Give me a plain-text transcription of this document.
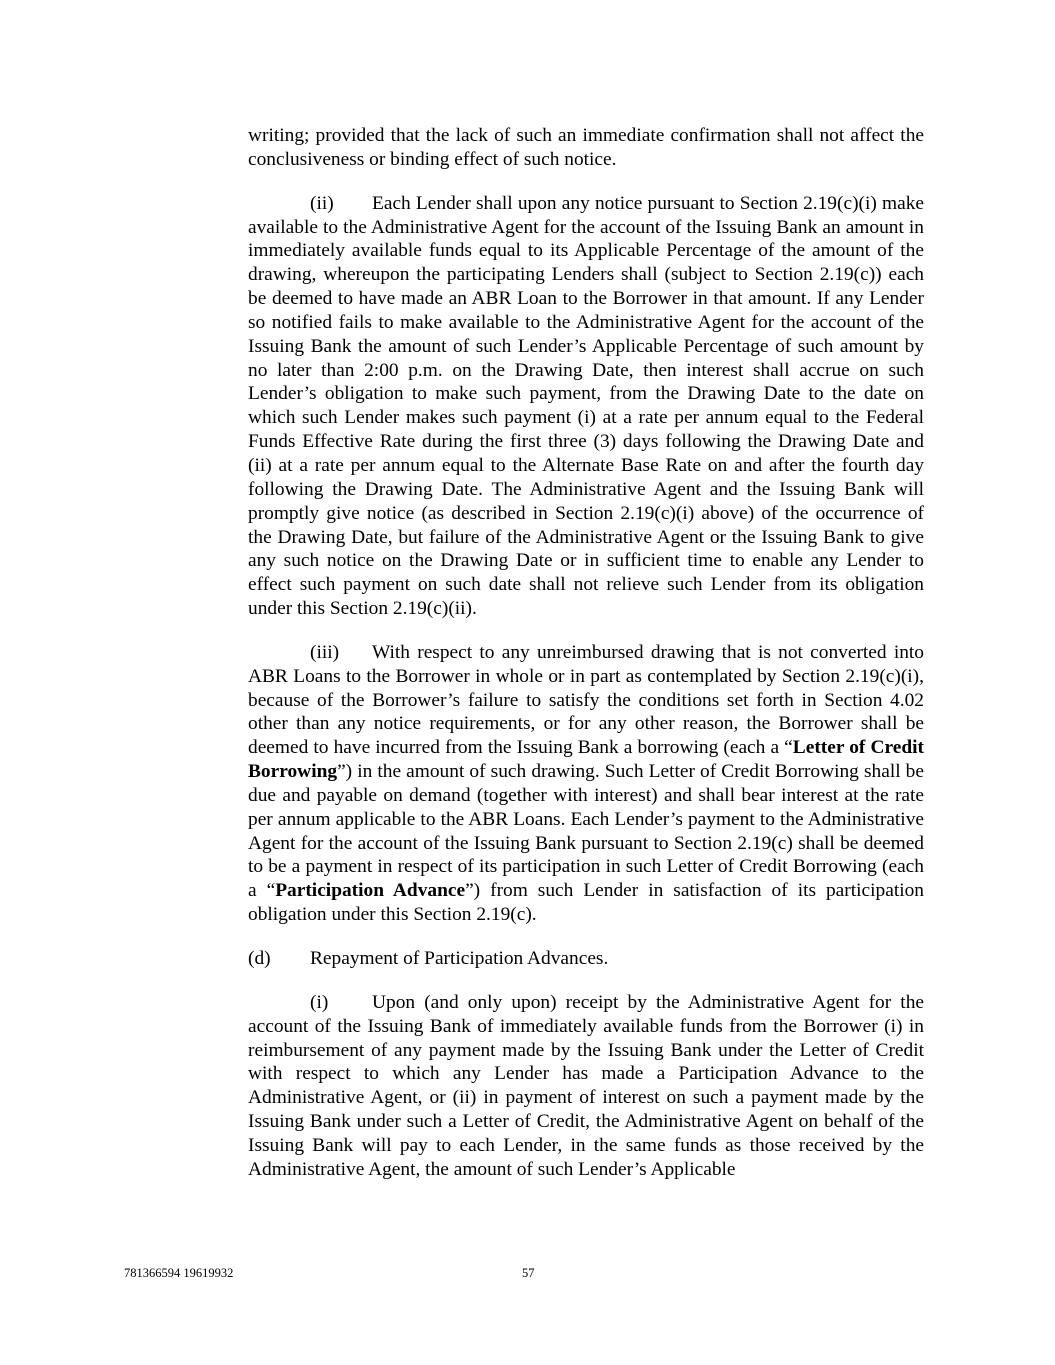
writing; provided that the lack of such an immediate confirmation shall not affect the conclusiveness or binding effect of such notice.

(ii) Each Lender shall upon any notice pursuant to Section 2.19(c)(i) make available to the Administrative Agent for the account of the Issuing Bank an amount in immediately available funds equal to its Applicable Percentage of the amount of the drawing, whereupon the participating Lenders shall (subject to Section 2.19(c)) each be deemed to have made an ABR Loan to the Borrower in that amount. If any Lender so notified fails to make available to the Administrative Agent for the account of the Issuing Bank the amount of such Lender’s Applicable Percentage of such amount by no later than 2:00 p.m. on the Drawing Date, then interest shall accrue on such Lender’s obligation to make such payment, from the Drawing Date to the date on which such Lender makes such payment (i) at a rate per annum equal to the Federal Funds Effective Rate during the first three (3) days following the Drawing Date and (ii) at a rate per annum equal to the Alternate Base Rate on and after the fourth day following the Drawing Date. The Administrative Agent and the Issuing Bank will promptly give notice (as described in Section 2.19(c)(i) above) of the occurrence of the Drawing Date, but failure of the Administrative Agent or the Issuing Bank to give any such notice on the Drawing Date or in sufficient time to enable any Lender to effect such payment on such date shall not relieve such Lender from its obligation under this Section 2.19(c)(ii).

(iii) With respect to any unreimbursed drawing that is not converted into ABR Loans to the Borrower in whole or in part as contemplated by Section 2.19(c)(i), because of the Borrower’s failure to satisfy the conditions set forth in Section 4.02 other than any notice requirements, or for any other reason, the Borrower shall be deemed to have incurred from the Issuing Bank a borrowing (each a “Letter of Credit Borrowing”) in the amount of such drawing. Such Letter of Credit Borrowing shall be due and payable on demand (together with interest) and shall bear interest at the rate per annum applicable to the ABR Loans. Each Lender’s payment to the Administrative Agent for the account of the Issuing Bank pursuant to Section 2.19(c) shall be deemed to be a payment in respect of its participation in such Letter of Credit Borrowing (each a “Participation Advance”) from such Lender in satisfaction of its participation obligation under this Section 2.19(c).

(d) Repayment of Participation Advances.

(i) Upon (and only upon) receipt by the Administrative Agent for the account of the Issuing Bank of immediately available funds from the Borrower (i) in reimbursement of any payment made by the Issuing Bank under the Letter of Credit with respect to which any Lender has made a Participation Advance to the Administrative Agent, or (ii) in payment of interest on such a payment made by the Issuing Bank under such a Letter of Credit, the Administrative Agent on behalf of the Issuing Bank will pay to each Lender, in the same funds as those received by the Administrative Agent, the amount of such Lender’s Applicable

781366594 19619932	57
